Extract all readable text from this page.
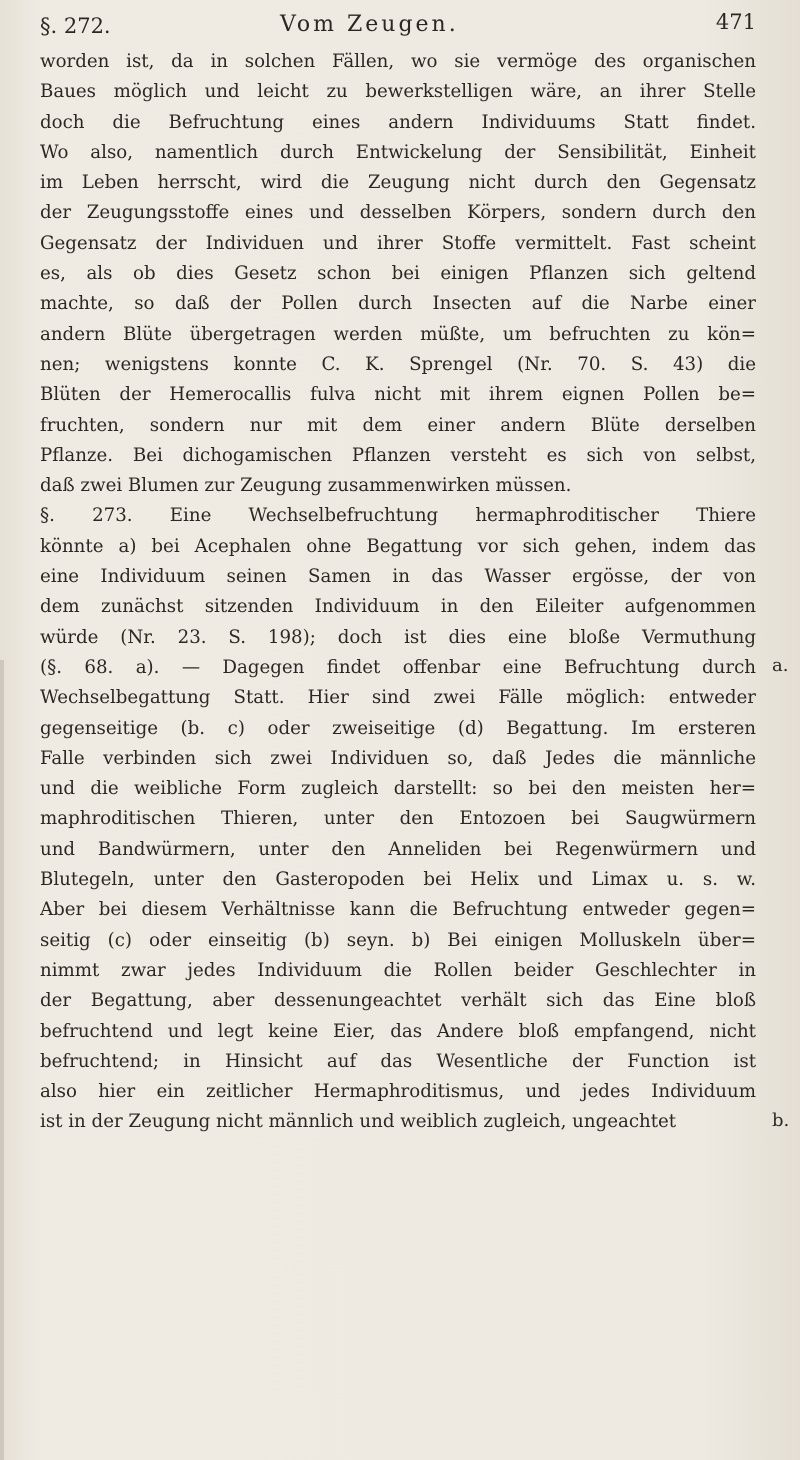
§. 272.	Vom Zeugen.	471
worden ist, da in solchen Fällen, wo sie vermöge des organischen
Baues möglich und leicht zu bewerkstelligen wäre, an ihrer Stelle
doch die Befruchtung eines andern Individuums Statt findet.
Wo also, namentlich durch Entwickelung der Sensibilität, Einheit
im Leben herrscht, wird die Zeugung nicht durch den Gegensatz
der Zeugungsstoffe eines und desselben Körpers, sondern durch den
Gegensatz der Individuen und ihrer Stoffe vermittelt. Fast scheint
es, als ob dies Gesetz schon bei einigen Pflanzen sich geltend
machte, so daß der Pollen durch Insecten auf die Narbe einer
andern Blüte übergetragen werden müßte, um befruchten zu kön=
nen; wenigstens konnte C. K. Sprengel (Nr. 70. S. 43) die
Blüten der Hemerocallis fulva nicht mit ihrem eignen Pollen be=
fruchten, sondern nur mit dem einer andern Blüte derselben
Pflanze. Bei dichogamischen Pflanzen versteht es sich von selbst,
daß zwei Blumen zur Zeugung zusammenwirken müssen.
§. 273. Eine Wechselbefruchtung hermaphroditischer Thiere
könnte a) bei Acephalen ohne Begattung vor sich gehen, indem das
eine Individuum seinen Samen in das Wasser ergösse, der von
dem zunächst sitzenden Individuum in den Eileiter aufgenommen
würde (Nr. 23. S. 198); doch ist dies eine bloße Vermuthung
(§. 68. a). — Dagegen findet offenbar eine Befruchtung durch
Wechselbegattung Statt. Hier sind zwei Fälle möglich: entweder
gegenseitige (b. c) oder zweiseitige (d) Begattung. Im ersteren
Falle verbinden sich zwei Individuen so, daß Jedes die männliche
und die weibliche Form zugleich darstellt: so bei den meisten her=
maphroditischen Thieren, unter den Entozoen bei Saugwürmern
und Bandwürmern, unter den Anneliden bei Regenwürmern und
Blutegeln, unter den Gasteropoden bei Helix und Limax u. s. w.
Aber bei diesem Verhältnisse kann die Befruchtung entweder gegen=
seitig (c) oder einseitig (b) seyn. b) Bei einigen Molluskeln über=
nimmt zwar jedes Individuum die Rollen beider Geschlechter in
der Begattung, aber dessenungeachtet verhält sich das Eine bloß
befruchtend und legt keine Eier, das Andere bloß empfangend, nicht
befruchtend; in Hinsicht auf das Wesentliche der Function ist
also hier ein zeitlicher Hermaphroditismus, und jedes Individuum
ist in der Zeugung nicht männlich und weiblich zugleich, ungeachtet
a.
b.
